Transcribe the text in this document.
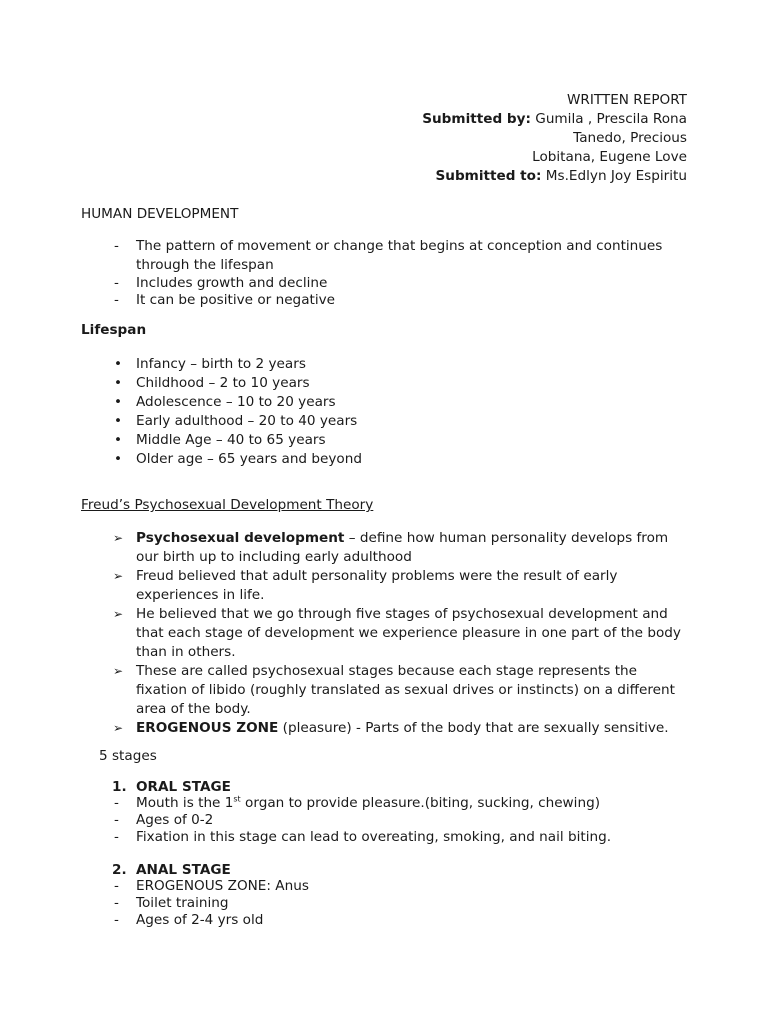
WRITTEN REPORT
Submitted by: Gumila , Prescila Rona
Tanedo, Precious
Lobitana, Eugene Love
Submitted to: Ms.Edlyn Joy Espiritu
HUMAN DEVELOPMENT
- The pattern of movement or change that begins at conception and continues through the lifespan
- Includes growth and decline
- It can be positive or negative
Lifespan
• Infancy – birth to 2 years
• Childhood – 2 to 10 years
• Adolescence – 10 to 20 years
• Early adulthood – 20 to 40 years
• Middle Age – 40 to 65 years
• Older age – 65 years and beyond
Freud’s Psychosexual Development Theory
➢ Psychosexual development – define how human personality develops from our birth up to including early adulthood
➢ Freud believed that adult personality problems were the result of early experiences in life.
➢ He believed that we go through five stages of psychosexual development and that each stage of development we experience pleasure in one part of the body than in others.
➢ These are called psychosexual stages because each stage represents the fixation of libido (roughly translated as sexual drives or instincts) on a different area of the body.
➢ EROGENOUS ZONE (pleasure) - Parts of the body that are sexually sensitive.
5 stages
1. ORAL STAGE
- Mouth is the 1st organ to provide pleasure.(biting, sucking, chewing)
- Ages of 0-2
- Fixation in this stage can lead to overeating, smoking, and nail biting.
2. ANAL STAGE
- EROGENOUS ZONE: Anus
- Toilet training
- Ages of 2-4 yrs old
